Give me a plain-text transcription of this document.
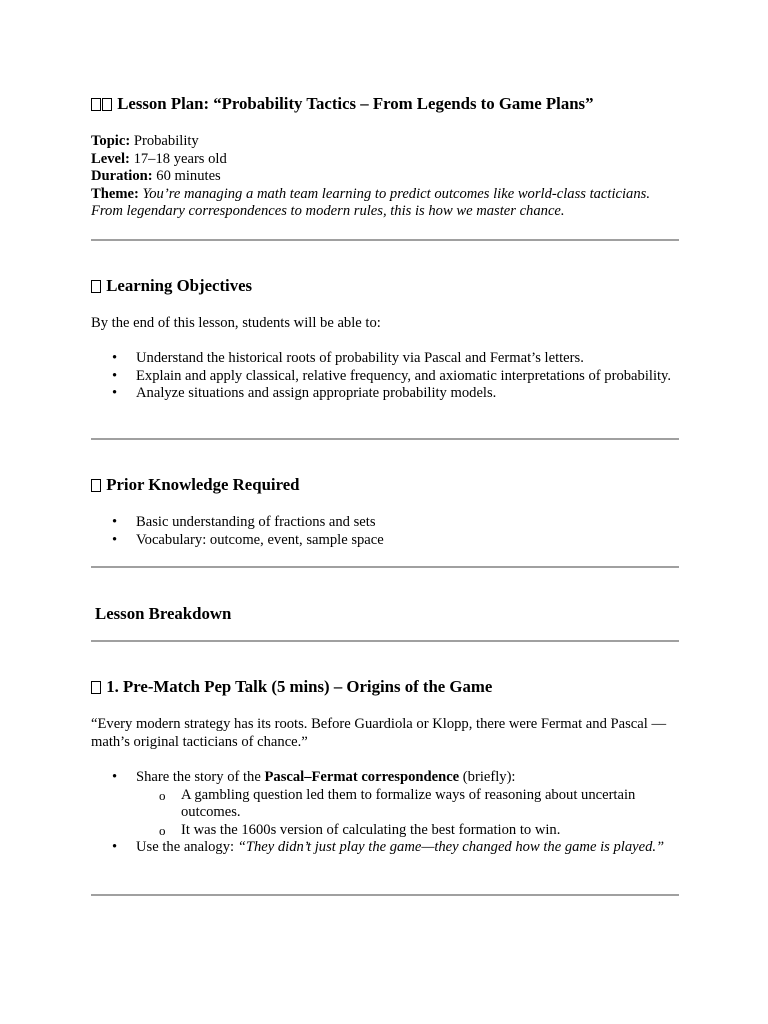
Lesson Plan: “Probability Tactics – From Legends to Game Plans”

Topic: Probability

Level: 17–18 years old

Duration: 60 minutes

Theme: You’re managing a math team learning to predict outcomes like world-class tacticians. From legendary correspondences to modern rules, this is how we master chance.

Learning Objectives

By the end of this lesson, students will be able to:

• Understand the historical roots of probability via Pascal and Fermat’s letters.
• Explain and apply classical, relative frequency, and axiomatic interpretations of probability.
• Analyze situations and assign appropriate probability models.
Prior Knowledge Required
• Basic understanding of fractions and sets
• Vocabulary: outcome, event, sample space
Lesson Breakdown
1. Pre-Match Pep Talk (5 mins) – Origins of the Game

“Every modern strategy has its roots. Before Guardiola or Klopp, there were Fermat and Pascal —math’s original tacticians of chance.”

• Share the story of the Pascal–Fermat correspondence (briefly):
o A gambling question led them to formalize ways of reasoning about uncertain outcomes.
o It was the 1600s version of calculating the best formation to win.
• Use the analogy: “They didn’t just play the game—they changed how the game is played.”
